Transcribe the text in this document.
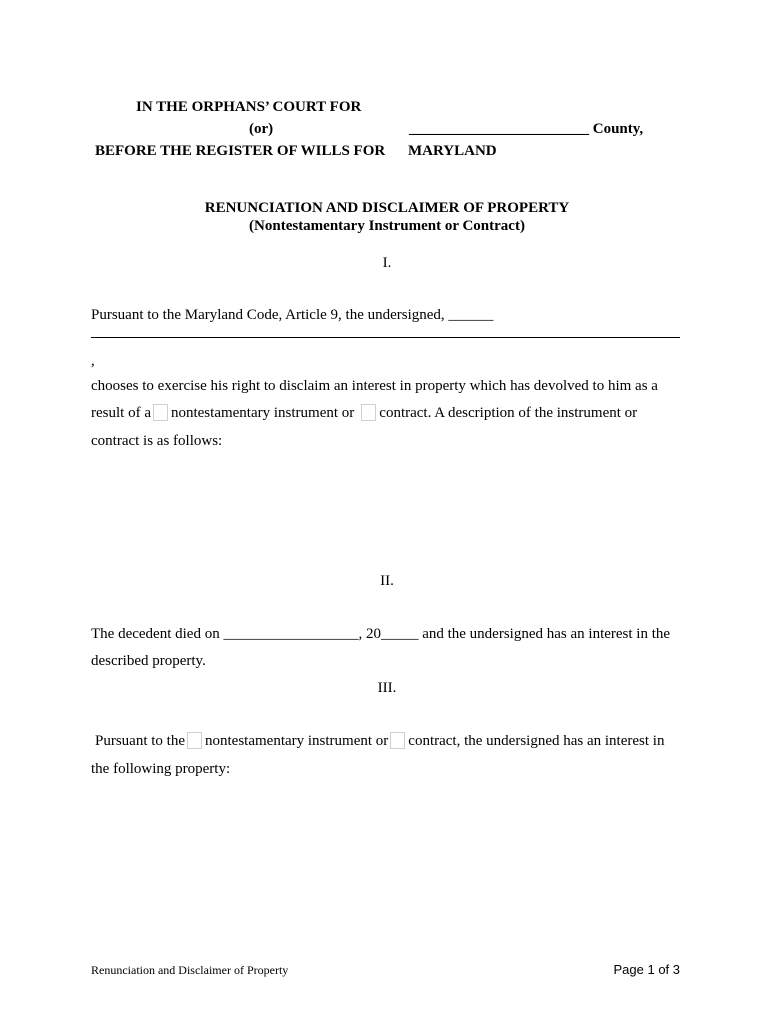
IN THE ORPHANS’ COURT FOR
(or)	________________________ County,
BEFORE THE REGISTER OF WILLS FOR MARYLAND
RENUNCIATION AND DISCLAIMER OF PROPERTY
(Nontestamentary Instrument or Contract)
I.
Pursuant to the Maryland Code, Article 9, the undersigned, ______
,
chooses to exercise his right to disclaim an interest in property which has devolved to him as a
result of a nontestamentary instrument or contract. A description of the instrument or
contract is as follows:
II.
The decedent died on __________________, 20_____ and the undersigned has an interest in the
described property.
III.
Pursuant to the nontestamentary instrument or contract, the undersigned has an interest in
the following property:
Renunciation and Disclaimer of Property	Page 1 of 3
